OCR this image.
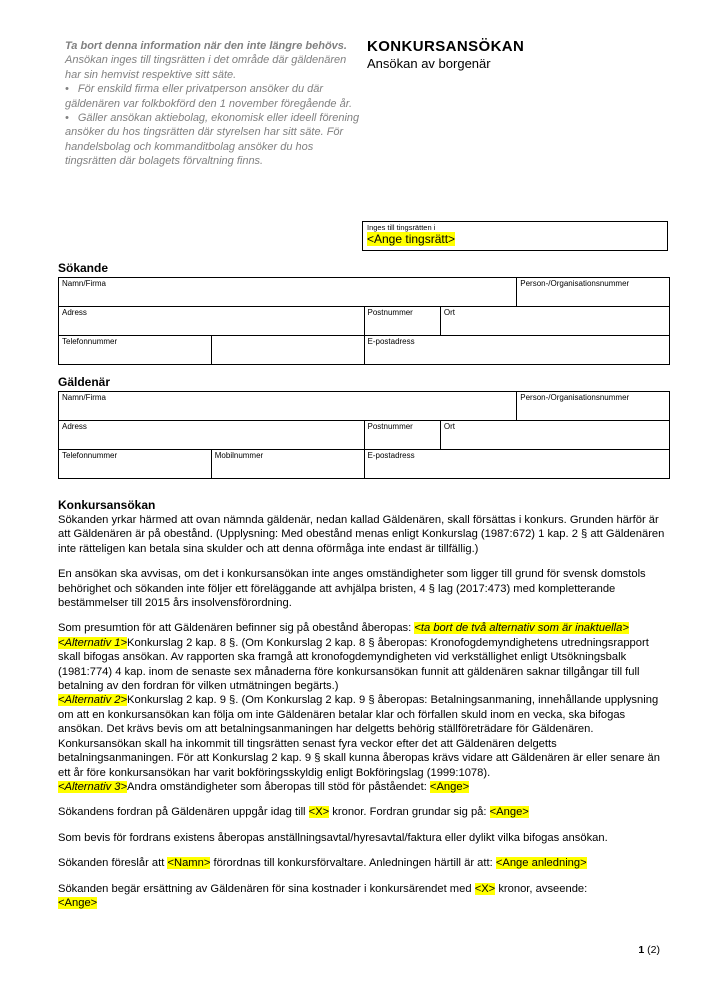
Ta bort denna information när den inte längre behövs.
Ansökan inges till tingsrätten i det område där gäldenären har sin hemvist respektive sitt säte.
• För enskild firma eller privatperson ansöker du där gäldenären var folkbokförd den 1 november föregående år.
• Gäller ansökan aktiebolag, ekonomisk eller ideell förening ansöker du hos tingsrätten där styrelsen har sitt säte. För handelsbolag och kommanditbolag ansöker du hos tingsrätten där bolagets förvaltning finns.
KONKURSANSÖKAN
Ansökan av borgenär
Inges till tingsrätten i
<Ange tingsrätt>
Sökande
Namn/Firma				Person-/Organisationsnummer
Adress		Postnummer	Ort	
Telefonnummer		E-postadress		
Gäldenär
Namn/Firma				Person-/Organisationsnummer
Adress		Postnummer	Ort	
Telefonnummer	Mobilnummer	E-postadress		
Konkursansökan
Sökanden yrkar härmed att ovan nämnda gäldenär, nedan kallad Gäldenären, skall försättas i konkurs. Grunden härför är att Gäldenären är på obestånd. (Upplysning: Med obestånd menas enligt Konkurslag (1987:672) 1 kap. 2 § att Gäldenären inte rätteligen kan betala sina skulder och att denna oförmåga inte endast är tillfällig.)
En ansökan ska avvisas, om det i konkursansökan inte anges omständigheter som ligger till grund för svensk domstols behörighet och sökanden inte följer ett föreläggande att avhjälpa bristen, 4 § lag (2017:473) med kompletterande bestämmelser till 2015 års insolvensförordning.
Som presumtion för att Gäldenären befinner sig på obestånd åberopas: <ta bort de två alternativ som är inaktuella>
<Alternativ 1>Konkurslag 2 kap. 8 §. (Om Konkurslag 2 kap. 8 § åberopas: Kronofogdemyndighetens utredningsrapport skall bifogas ansökan. Av rapporten ska framgå att kronofogdemyndigheten vid verkställighet enligt Utsökningsbalk (1981:774) 4 kap. inom de senaste sex månaderna före konkursansökan funnit att gäldenären saknar tillgångar till full betalning av den fordran för vilken utmätningen begärts.)
<Alternativ 2>Konkurslag 2 kap. 9 §. (Om Konkurslag 2 kap. 9 § åberopas: Betalningsanmaning, innehållande upplysning om att en konkursansökan kan följa om inte Gäldenären betalar klar och förfallen skuld inom en vecka, ska bifogas ansökan. Det krävs bevis om att betalningsanmaningen har delgetts behörig ställföreträdare för Gäldenären. Konkursansökan skall ha inkommit till tingsrätten senast fyra veckor efter det att Gäldenären delgetts betalningsanmaningen. För att Konkurslag 2 kap. 9 § skall kunna åberopas krävs vidare att Gäldenären är eller senare än ett år före konkursansökan har varit bokföringsskyldig enligt Bokföringslag (1999:1078).
<Alternativ 3>Andra omständigheter som åberopas till stöd för påståendet: <Ange>
Sökandens fordran på Gäldenären uppgår idag till <X> kronor. Fordran grundar sig på: <Ange>
Som bevis för fordrans existens åberopas anställningsavtal/hyresavtal/faktura eller dylikt vilka bifogas ansökan.
Sökanden föreslår att <Namn> förordnas till konkursförvaltare. Anledningen härtill är att: <Ange anledning>
Sökanden begär ersättning av Gäldenären för sina kostnader i konkursärendet med <X> kronor, avseende:
<Ange>
1 (2)
